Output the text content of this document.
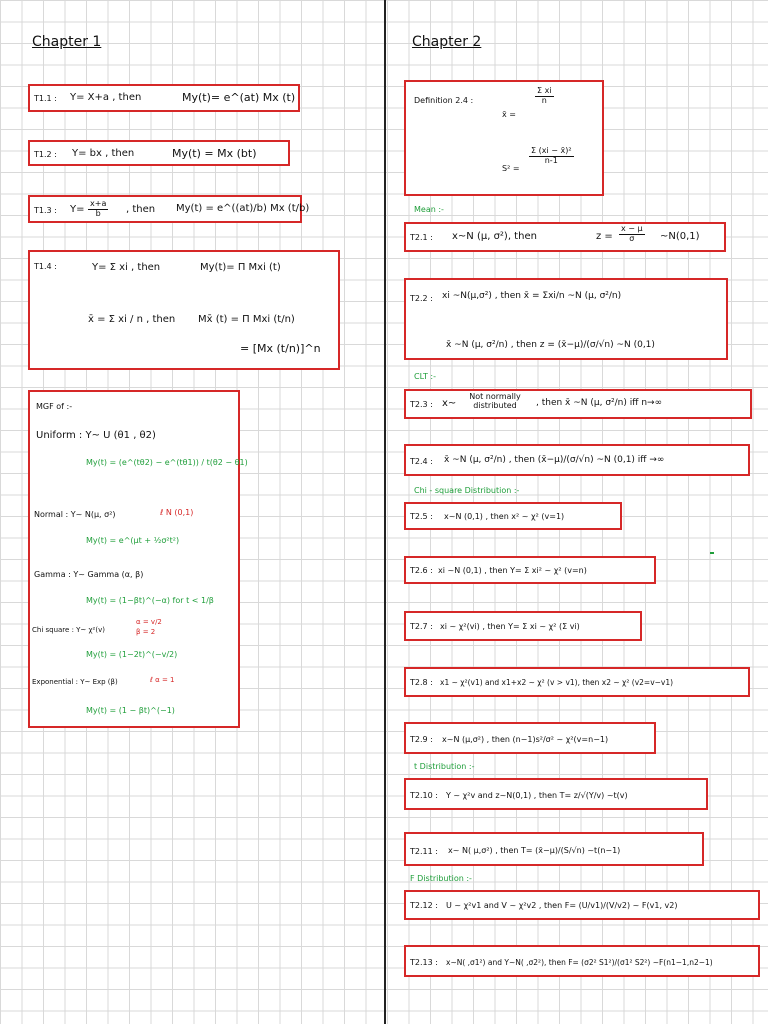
Chapter 1
T1.1 : Y= X+a , then	My(t)= e^(at) Mx (t)
T1.2 : Y= bx , then	My(t) = Mx (bt)
T1.3 : $Y= \frac{x+a}{b}$ , then My(t) = e^((at)/b) Mx (t/b)
T1.4 :	Y= Σ xi , then	My(t)= Π Mxi (t)
x̄ = Σ xi / n , then Mx̄ (t) = Π Mxi (t/n)
= [Mx (t/n)]^n
MGF of :-
Uniform : Y~ U (θ1 , θ2)
My(t) = (e^(tθ2) − e^(tθ1)) / t(θ2 − θ1)
Normal : Y~ N(μ, σ²)	ℓ N (0,1)
My(t) = e^(μt + ½σ²t²)
Gamma : Y~ Gamma (α, β)
My(t) = (1−βt)^(−α) for t < 1/β
Chi square : Y~ χ²(v)
α = v/2
β = 2
My(t) = (1−2t)^(−v/2)
Exponential : Y~ Exp (β)	ℓ α = 1
My(t) = (1 − βt)^(−1)
Chapter 2
Definition 2.4 :
x̄ =
$\frac{\text{Σ xi}}{n}$
S² =
$\frac{\text{Σ (xi − x̄)²}}{n-1}$
Mean :-
T2.1 : x~N (μ, σ²), then	$z = \frac{x - \mu}{\sigma}$ ~N(0,1)
T2.2 : xi ~N(μ,σ²) , then x̄ = Σxi/n ~N (μ, σ²/n)
x̄ ~N (μ, σ²/n) , then z = (x̄−μ)/(σ/√n) ~N (0,1)
CLT :-
T2.3 : x~
Not normally distributed	, then x̄ ~N (μ, σ²/n) iff n→∞
T2.4 : x̄ ~N (μ, σ²/n) , then (x̄−μ)/(σ/√n) ~N (0,1) iff →∞
Chi - square Distribution :-
T2.5 : x~N (0,1) , then x² ~ χ² (v=1)
T2.6 : xi ~N (0,1) , then Y= Σ xi² ~ χ² (v=n)
T2.7 : xi ~ χ²(vi) , then Y= Σ xi ~ χ² (Σ vi)
T2.8 : x1 ~ χ²(v1) and x1+x2 ~ χ² (v > v1), then x2 ~ χ² (v2=v−v1)
T2.9 : x~N (μ,σ²) , then (n−1)s²/σ² ~ χ²(v=n−1)
t Distribution :-
T2.10 : Y ~ χ²v and z~N(0,1) , then T= z/√(Y/v) ~t(v)
T2.11 : x~ N( μ,σ²) , then T= (x̄−μ)/(S/√n) ~t(n−1)
F Distribution :-
T2.12 : U ~ χ²v1 and V ~ χ²v2 , then F= (U/v1)/(V/v2) ~ F(v1, v2)
T2.13 : x~N( ,σ1²) and Y~N( ,σ2²), then F= (σ2² S1²)/(σ1² S2²) ~F(n1−1,n2−1)
